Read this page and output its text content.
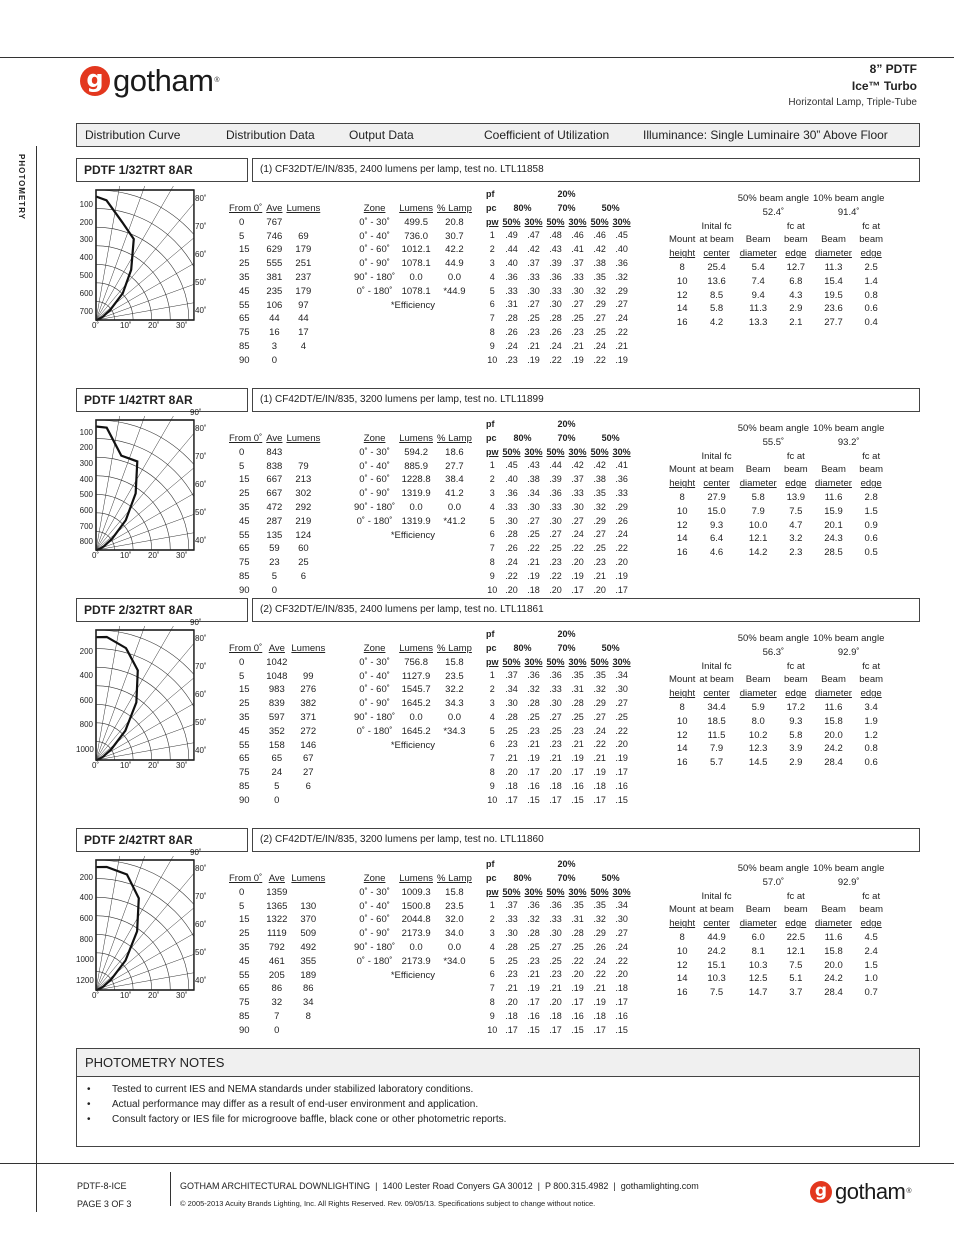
g gotham®
8” PDTF
Ice™ Turbo
Horizontal Lamp, Triple-Tube
PHOTOMETRY
Distribution Curve	Distribution Data	Output Data	Coefficient of Utilization	Illuminance: Single Luminaire 30” Above Floor
PDTF 1/32TRT 8AR	(1) CF32DT/E/IN/835, 2400 lumens per lamp, test no. LTL11858
100
200
300
400
500
600
700
80˚
70˚
60˚
50˚
40˚
0˚	10˚ 20˚ 30˚
From 0˚	Ave	Lumens
0	767	
5	746	69
15	629	179
25	555	251
35	381	237
45	235	179
55	106	97
65	44	44
75	16	17
85	3	4
90	0	
Zone	Lumens	% Lamp
0˚ - 30˚	499.5	20.8
0˚ - 40˚	736.0	30.7
0˚ - 60˚	1012.1	42.2
0˚ - 90˚	1078.1	44.9
90˚ - 180˚	0.0	0.0
0˚ - 180˚	1078.1	*44.9
*Efficiency		
pf			20%			
pc	80%		70%		50%	
pw	50%	30%	50%	30%	50%	30%
1	.49	.47	.48	.46	.46	.45
2	.44	.42	.43	.41	.42	.40
3	.40	.37	.39	.37	.38	.36
4	.36	.33	.36	.33	.35	.32
5	.33	.30	.33	.30	.32	.29
6	.31	.27	.30	.27	.29	.27
7	.28	.25	.28	.25	.27	.24
8	.26	.23	.26	.23	.25	.22
9	.24	.21	.24	.21	.24	.21
10	.23	.19	.22	.19	.22	.19
		50% beam angle		10% beam angle	
		52.4˚		91.4˚	
	Inital fc		fc at		fc at
Mount	at beam	Beam	beam	Beam	beam
height	center	diameter	edge	diameter	edge
8	25.4	5.4	12.7	11.3	2.5
10	13.6	7.4	6.8	15.4	1.4
12	8.5	9.4	4.3	19.5	0.8
14	5.8	11.3	2.9	23.6	0.6
16	4.2	13.3	2.1	27.7	0.4
PDTF 1/42TRT 8AR	(1) CF42DT/E/IN/835, 3200 lumens per lamp, test no. LTL11899
100
200
300
400
500
600
700
800
80˚
70˚
60˚
50˚
40˚
90˚
0˚	10˚ 20˚ 30˚
From 0˚	Ave	Lumens
0	843	
5	838	79
15	667	213
25	667	302
35	472	292
45	287	219
55	135	124
65	59	60
75	23	25
85	5	6
90	0	
Zone	Lumens	% Lamp
0˚ - 30˚	594.2	18.6
0˚ - 40˚	885.9	27.7
0˚ - 60˚	1228.8	38.4
0˚ - 90˚	1319.9	41.2
90˚ - 180˚	0.0	0.0
0˚ - 180˚	1319.9	*41.2
*Efficiency		
pf			20%			
pc	80%		70%		50%	
pw	50%	30%	50%	30%	50%	30%
1	.45	.43	.44	.42	.42	.41
2	.40	.38	.39	.37	.38	.36
3	.36	.34	.36	.33	.35	.33
4	.33	.30	.33	.30	.32	.29
5	.30	.27	.30	.27	.29	.26
6	.28	.25	.27	.24	.27	.24
7	.26	.22	.25	.22	.25	.22
8	.24	.21	.23	.20	.23	.20
9	.22	.19	.22	.19	.21	.19
10	.20	.18	.20	.17	.20	.17
		50% beam angle		10% beam angle	
		55.5˚		93.2˚	
	Inital fc		fc at		fc at
Mount	at beam	Beam	beam	Beam	beam
height	center	diameter	edge	diameter	edge
8	27.9	5.8	13.9	11.6	2.8
10	15.0	7.9	7.5	15.9	1.5
12	9.3	10.0	4.7	20.1	0.9
14	6.4	12.1	3.2	24.3	0.6
16	4.6	14.2	2.3	28.5	0.5
PDTF 2/32TRT 8AR	(2) CF32DT/E/IN/835, 2400 lumens per lamp, test no. LTL11861
200
400
600
800
1000
80˚
70˚
60˚
50˚
40˚
90˚
0˚	10˚ 20˚ 30˚
From 0˚	Ave	Lumens
0	1042	
5	1048	99
15	983	276
25	839	382
35	597	371
45	352	272
55	158	146
65	65	67
75	24	27
85	5	6
90	0	
Zone	Lumens	% Lamp
0˚ - 30˚	756.8	15.8
0˚ - 40˚	1127.9	23.5
0˚ - 60˚	1545.7	32.2
0˚ - 90˚	1645.2	34.3
90˚ - 180˚	0.0	0.0
0˚ - 180˚	1645.2	*34.3
*Efficiency		
pf			20%			
pc	80%		70%		50%	
pw	50%	30%	50%	30%	50%	30%
1	.37	.36	.36	.35	.35	.34
2	.34	.32	.33	.31	.32	.30
3	.30	.28	.30	.28	.29	.27
4	.28	.25	.27	.25	.27	.25
5	.25	.23	.25	.23	.24	.22
6	.23	.21	.23	.21	.22	.20
7	.21	.19	.21	.19	.21	.19
8	.20	.17	.20	.17	.19	.17
9	.18	.16	.18	.16	.18	.16
10	.17	.15	.17	.15	.17	.15
		50% beam angle		10% beam angle	
		56.3˚		92.9˚	
	Inital fc		fc at		fc at
Mount	at beam	Beam	beam	Beam	beam
height	center	diameter	edge	diameter	edge
8	34.4	5.9	17.2	11.6	3.4
10	18.5	8.0	9.3	15.8	1.9
12	11.5	10.2	5.8	20.0	1.2
14	7.9	12.3	3.9	24.2	0.8
16	5.7	14.5	2.9	28.4	0.6
PDTF 2/42TRT 8AR	(2) CF42DT/E/IN/835, 3200 lumens per lamp, test no. LTL11860
200
400
600
800
1000
1200
80˚
70˚
60˚
50˚
40˚
90˚
0˚	10˚ 20˚ 30˚
From 0˚	Ave	Lumens
0	1359	
5	1365	130
15	1322	370
25	1119	509
35	792	492
45	461	355
55	205	189
65	86	86
75	32	34
85	7	8
90	0	
Zone	Lumens	% Lamp
0˚ - 30˚	1009.3	15.8
0˚ - 40˚	1500.8	23.5
0˚ - 60˚	2044.8	32.0
0˚ - 90˚	2173.9	34.0
90˚ - 180˚	0.0	0.0
0˚ - 180˚	2173.9	*34.0
*Efficiency		
pf			20%			
pc	80%		70%		50%	
pw	50%	30%	50%	30%	50%	30%
1	.37	.36	.36	.35	.35	.34
2	.33	.32	.33	.31	.32	.30
3	.30	.28	.30	.28	.29	.27
4	.28	.25	.27	.25	.26	.24
5	.25	.23	.25	.22	.24	.22
6	.23	.21	.23	.20	.22	.20
7	.21	.19	.21	.19	.21	.18
8	.20	.17	.20	.17	.19	.17
9	.18	.16	.18	.16	.18	.16
10	.17	.15	.17	.15	.17	.15
		50% beam angle		10% beam angle	
		57.0˚		92.9˚	
	Inital fc		fc at		fc at
Mount	at beam	Beam	beam	Beam	beam
height	center	diameter	edge	diameter	edge
8	44.9	6.0	22.5	11.6	4.5
10	24.2	8.1	12.1	15.8	2.4
12	15.1	10.3	7.5	20.0	1.5
14	10.3	12.5	5.1	24.2	1.0
16	7.5	14.7	3.7	28.4	0.7
PHOTOMETRY NOTES
• Tested to current IES and NEMA standards under stabilized laboratory conditions.
• Actual performance may differ as a result of end-user environment and application.
• Consult factory or IES file for microgroove baffle, black cone or other photometric reports.
PDTF-8-ICE
PAGE 3 OF 3
GOTHAM ARCHITECTURAL DOWNLIGHTING  |  1400 Lester Road Conyers GA 30012  |  P 800.315.4982  |  gothamlighting.com
© 2005-2013 Acuity Brands Lighting, Inc. All Rights Reserved. Rev. 09/05/13. Specifications subject to change without notice.
g gotham®
